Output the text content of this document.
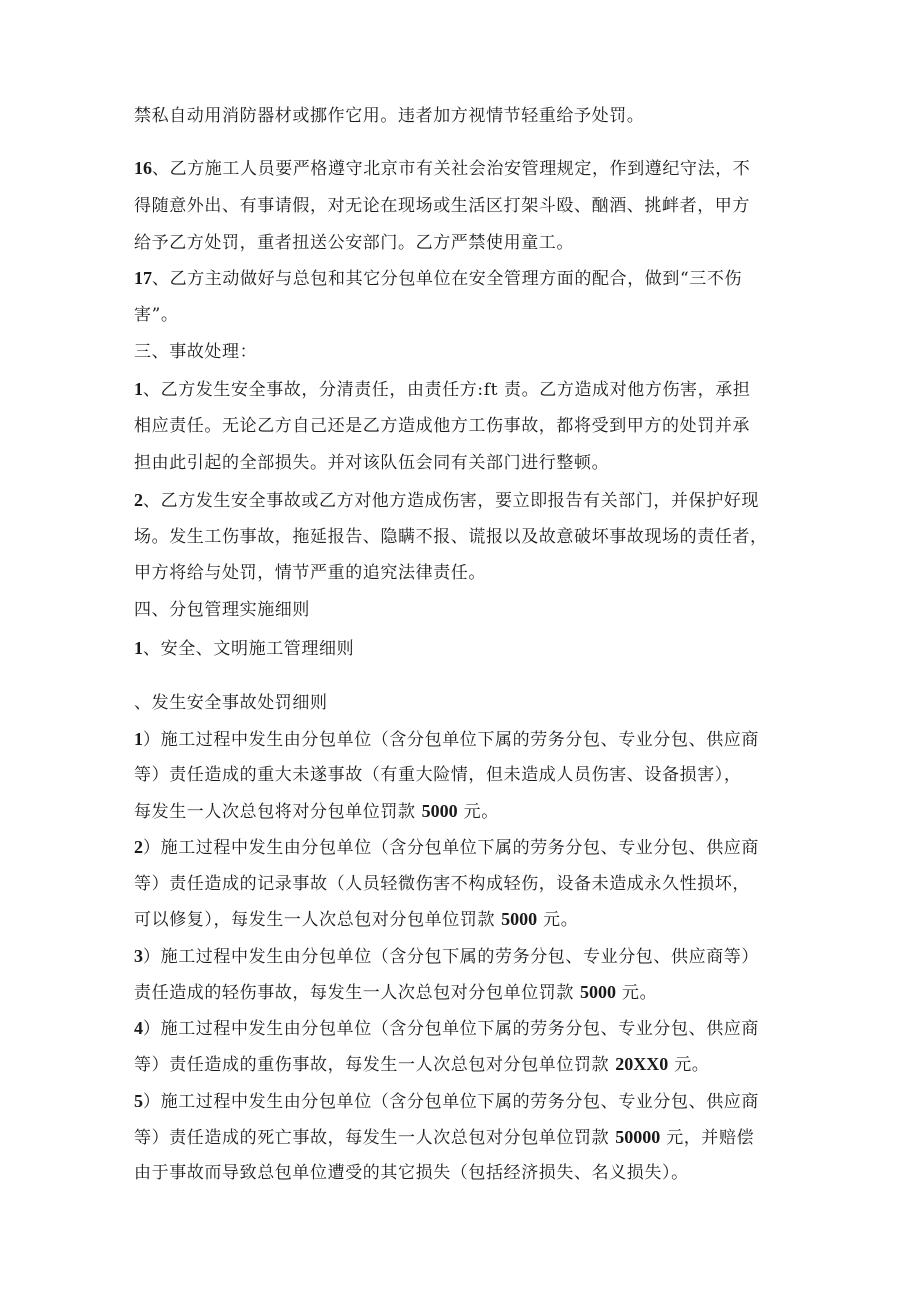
禁私自动用消防器材或挪作它用。违者加方视情节轻重给予处罚。
16、乙方施工人员要严格遵守北京市有关社会治安管理规定，作到遵纪守法，不
得随意外出、有事请假，对无论在现场或生活区打架斗殴、酗酒、挑衅者，甲方
给予乙方处罚，重者扭送公安部门。乙方严禁使用童工。
17、乙方主动做好与总包和其它分包单位在安全管理方面的配合，做到“三不伤
害”。
三、事故处理：
1、乙方发生安全事故，分清责任，由责任方:ft 责。乙方造成对他方伤害，承担
相应责任。无论乙方自己还是乙方造成他方工伤事故，都将受到甲方的处罚并承
担由此引起的全部损失。并对该队伍会同有关部门进行整顿。
2、乙方发生安全事故或乙方对他方造成伤害，要立即报告有关部门，并保护好现
场。发生工伤事故，拖延报告、隐瞒不报、谎报以及故意破坏事故现场的责任者，
甲方将给与处罚，情节严重的追究法律责任。
四、分包管理实施细则
1、安全、文明施工管理细则
、发生安全事故处罚细则
1）施工过程中发生由分包单位（含分包单位下属的劳务分包、专业分包、供应商
等）责任造成的重大未遂事故（有重大险情，但未造成人员伤害、设备损害），
每发生一人次总包将对分包单位罚款 5000 元。
2）施工过程中发生由分包单位（含分包单位下属的劳务分包、专业分包、供应商
等）责任造成的记录事故（人员轻微伤害不构成轻伤，设备未造成永久性损坏，
可以修复），每发生一人次总包对分包单位罚款 5000 元。
3）施工过程中发生由分包单位（含分包下属的劳务分包、专业分包、供应商等）
责任造成的轻伤事故，每发生一人次总包对分包单位罚款 5000 元。
4）施工过程中发生由分包单位（含分包单位下属的劳务分包、专业分包、供应商
等）责任造成的重伤事故，每发生一人次总包对分包单位罚款 20XX0 元。
5）施工过程中发生由分包单位（含分包单位下属的劳务分包、专业分包、供应商
等）责任造成的死亡事故，每发生一人次总包对分包单位罚款 50000 元，并赔偿
由于事故而导致总包单位遭受的其它损失（包括经济损失、名义损失）。
